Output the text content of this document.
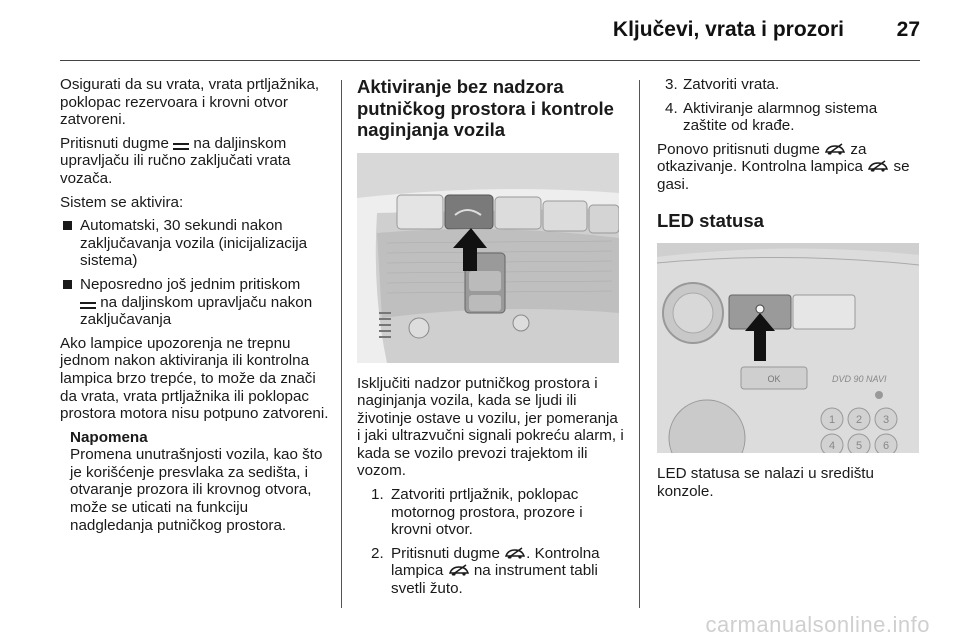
Ključevi, vrata i prozori	27

Osigurati da su vrata, vrata prtljažnika, poklopac rezervoara i krovni otvor zatvoreni.

Pritisnuti dugme na daljinskom upravljaču ili ručno zaključati vrata vozača.

Sistem se aktivira:

Automatski, 30 sekundi nakon zaključavanja vozila (inicijalizacija sistema)
Neposredno još jednim pritiskom
na daljinskom upravljaču nakon zaključavanja

Ako lampice upozorenja ne trepnu jednom nakon aktiviranja ili kontrolna lampica brzo trepće, to može da znači da vrata, vrata prtljažnika ili poklopac prostora motora nisu potpuno zatvoreni.

Napomena
Promena unutrašnjosti vozila, kao što je korišćenje presvlaka za sedišta, i otvaranje prozora ili krovnog otvora, može se uticati na funkciju nadgledanja putničkog prostora.
Aktiviranje bez nadzora putničkog prostora i kontrole naginjanja vozila

Isključiti nadzor putničkog prostora i naginjanja vozila, kada se ljudi ili životinje ostave u vozilu, jer pomeranja i jaki ultrazvučni signali pokreću alarm, i kada se vozilo prevozi trajektom ili vozom.

1. Zatvoriti prtljažnik, poklopac motornog prostora, prozore i krovni otvor.
2. Pritisnuti dugme . Kontrolna lampica na instrument tabli svetli žuto.
3. Zatvoriti vrata.
4. Aktiviranje alarmnog sistema zaštite od krađe.

Ponovo pritisnuti dugme za otkazivanje. Kontrolna lampica se gasi.

LED statusa
OK	DVD 90 NAVI
1 2 3
4 5 6

LED statusa se nalazi u središtu konzole.

carmanualsonline.info
